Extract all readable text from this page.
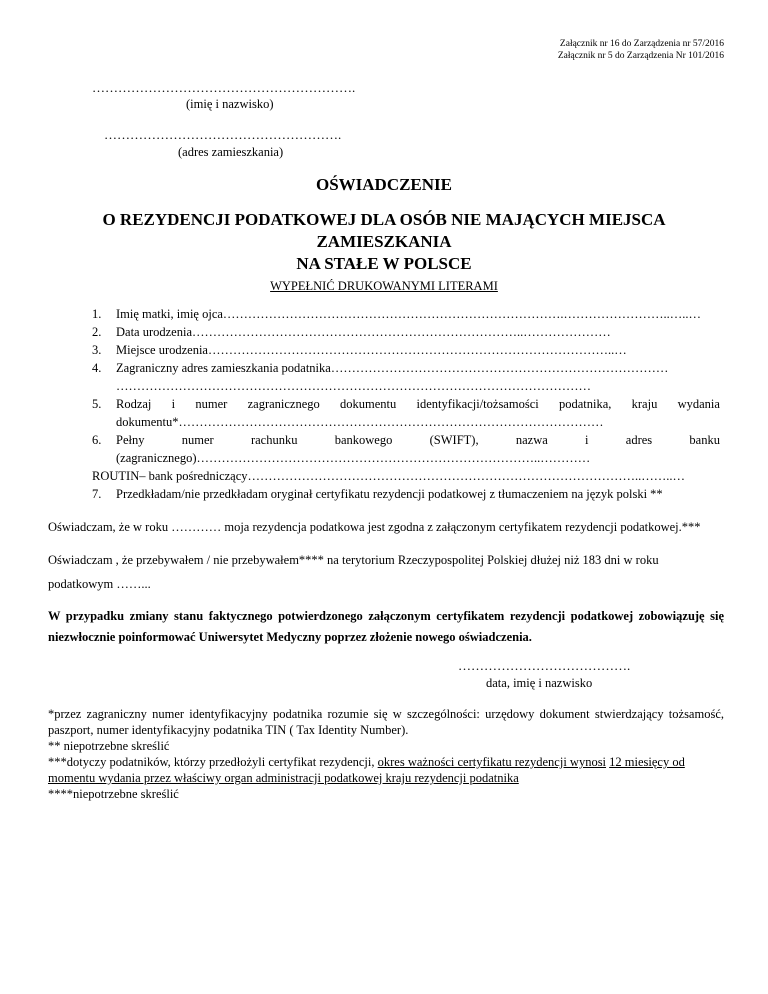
Załącznik nr 16 do Zarządzenia nr 57/2016
Załącznik nr 5 do Zarządzenia Nr 101/2016
…………………………………………………….
(imię i nazwisko)
……………………………………………….
(adres zamieszkania)
OŚWIADCZENIE
O REZYDENCJI PODATKOWEJ DLA OSÓB NIE MAJĄCYCH MIEJSCA
ZAMIESZKANIA
NA STAŁE W POLSCE
WYPEŁNIĆ DRUKOWANYMI LITERAMI
1. Imię matki, imię ojca……………………………………………………………………….……………………..…..…
2. Data urodzenia……………………………………………………………………..…………………
3. Miejsce urodzenia……………………………………………………………………………………..…
4. Zagraniczny adres zamieszkania podatnika………………………………………………………………………
……………………………………………………………………………………………………
5. Rodzaj i numer zagranicznego dokumentu identyfikacji/tożsamości podatnika, kraju wydania
dokumentu*…………………………………………………………………………………………
6. Pełny	numer	rachunku	bankowego	(SWIFT),	nazwa	i	adres	banku
(zagranicznego)………………………………………………………………………..…………
ROUTIN– bank pośredniczący…………………………………………………………………………………..……..…
7. Przedkładam/nie przedkładam oryginał certyfikatu rezydencji podatkowej z tłumaczeniem na język polski **
Oświadczam, że w roku ………… moja rezydencja podatkowa jest zgodna z załączonym certyfikatem rezydencji podatkowej.***
Oświadczam , że przebywałem / nie przebywałem**** na terytorium Rzeczypospolitej Polskiej dłużej niż 183 dni w roku
podatkowym ……...
W przypadku zmiany stanu faktycznego potwierdzonego załączonym certyfikatem rezydencji podatkowej zobowiązuję się niezwłocznie poinformować Uniwersytet Medyczny poprzez złożenie nowego oświadczenia.
………………………………….
data, imię i nazwisko
*przez zagraniczny numer identyfikacyjny podatnika rozumie się w szczególności: urzędowy dokument stwierdzający tożsamość, paszport, numer identyfikacyjny podatnika TIN ( Tax Identity Number).
** niepotrzebne skreślić
***dotyczy podatników, którzy przedłożyli certyfikat rezydencji, okres ważności certyfikatu rezydencji wynosi 12 miesięcy od momentu wydania przez właściwy organ administracji podatkowej kraju rezydencji podatnika
****niepotrzebne skreślić
